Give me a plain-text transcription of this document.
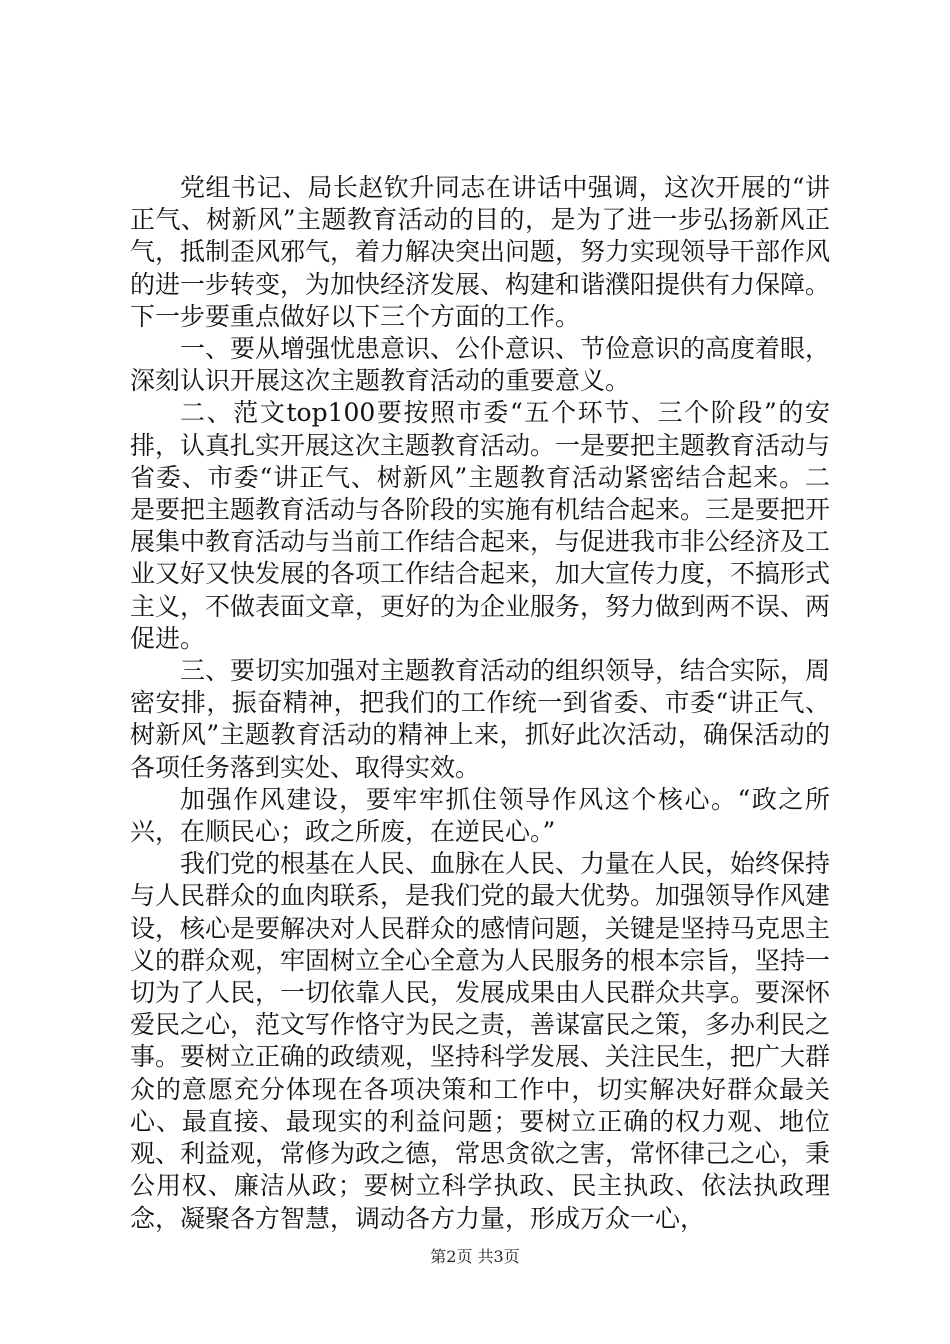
党组书记、局长赵钦升同志在讲话中强调，这次开展的“讲正气、树新风”主题教育活动的目的，是为了进一步弘扬新风正气，抵制歪风邪气，着力解决突出问题，努力实现领导干部作风的进一步转变，为加快经济发展、构建和谐濮阳提供有力保障。下一步要重点做好以下三个方面的工作。

一、要从增强忧患意识、公仆意识、节俭意识的高度着眼，深刻认识开展这次主题教育活动的重要意义。

二、范文top100要按照市委“五个环节、三个阶段”的安排，认真扎实开展这次主题教育活动。一是要把主题教育活动与省委、市委“讲正气、树新风”主题教育活动紧密结合起来。二是要把主题教育活动与各阶段的实施有机结合起来。三是要把开展集中教育活动与当前工作结合起来，与促进我市非公经济及工业又好又快发展的各项工作结合起来，加大宣传力度，不搞形式主义，不做表面文章，更好的为企业服务，努力做到两不误、两促进。

三、要切实加强对主题教育活动的组织领导，结合实际，周密安排，振奋精神，把我们的工作统一到省委、市委“讲正气、树新风”主题教育活动的精神上来，抓好此次活动，确保活动的各项任务落到实处、取得实效。

加强作风建设，要牢牢抓住领导作风这个核心。“政之所兴，在顺民心；政之所废，在逆民心。”

我们党的根基在人民、血脉在人民、力量在人民，始终保持与人民群众的血肉联系，是我们党的最大优势。加强领导作风建设，核心是要解决对人民群众的感情问题，关键是坚持马克思主义的群众观，牢固树立全心全意为人民服务的根本宗旨，坚持一切为了人民，一切依靠人民，发展成果由人民群众共享。要深怀爱民之心，范文写作恪守为民之责，善谋富民之策，多办利民之事。要树立正确的政绩观，坚持科学发展、关注民生，把广大群众的意愿充分体现在各项决策和工作中，切实解决好群众最关心、最直接、最现实的利益问题；要树立正确的权力观、地位观、利益观，常修为政之德，常思贪欲之害，常怀律己之心，秉公用权、廉洁从政；要树立科学执政、民主执政、依法执政理念，凝聚各方智慧，调动各方力量，形成万众一心，

第2页 共3页
